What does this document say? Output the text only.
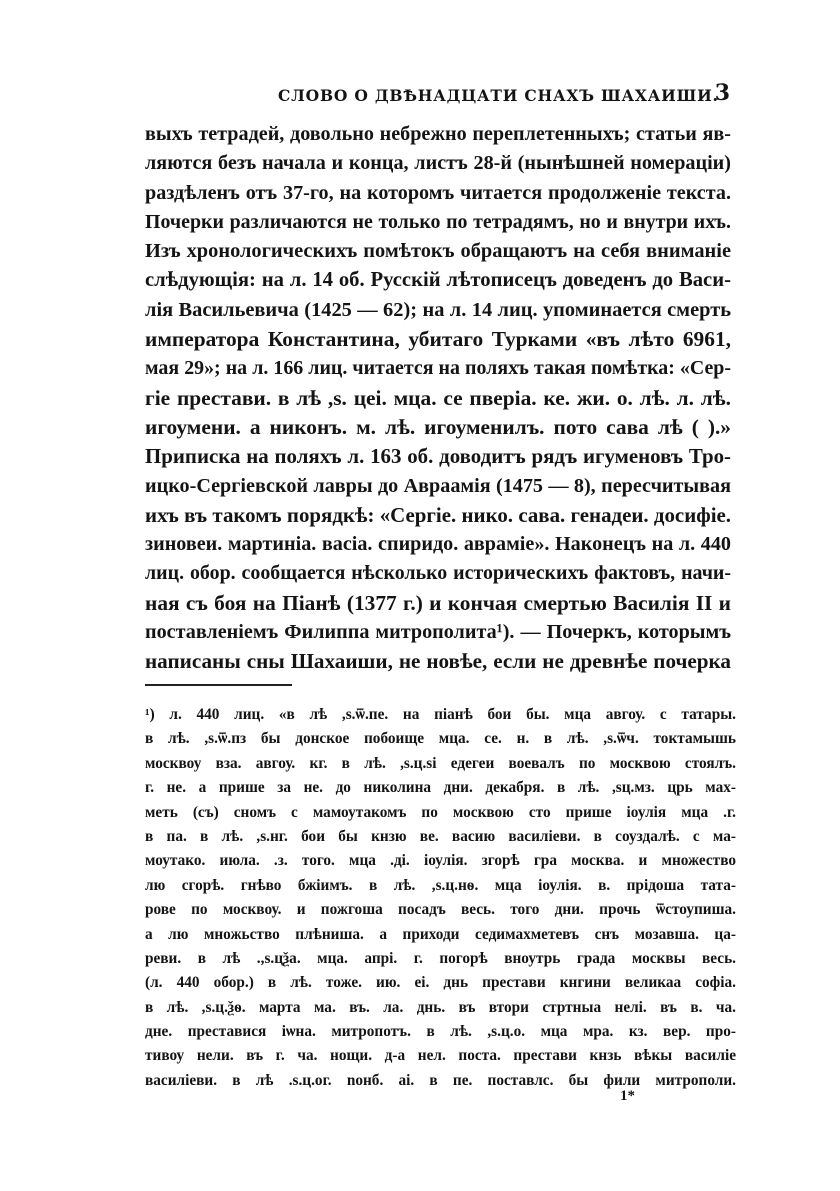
СЛОВО О ДВѢНАДЦАТИ СНАХЪ ШАХАИШИ.
3
выхъ тетрадей, довольно небрежно переплетенныхъ; статьи яв-
ляются безъ начала и конца, листъ 28-й (нынѣшней номераціи)
раздѣленъ отъ 37-го, на которомъ читается продолженіе текста.
Почерки различаются не только по тетрадямъ, но и внутри ихъ.
Изъ хронологическихъ помѣтокъ обращаютъ на себя вниманіе
слѣдующія: на л. 14 об. Русскій лѣтописецъ доведенъ до Васи-
лія Васильевича (1425 — 62); на л. 14 лиц. упоминается смерть
императора Константина, убитаго Турками «въ лѣто 6961,
мая 29»; на л. 166 лиц. читается на поляхъ такая помѣтка: «Сер-
гіе престави. в лѣ ,ѕ. цеі. мца. се пвеpia. ке. жи. о. лѣ. л. лѣ.
игоумени. а никонъ. м. лѣ. игоуменилъ. пото сава лѣ ( ).»
Приписка на поляхъ л. 163 об. доводитъ рядъ игуменовъ Тро-
ицко-Сергіевской лавры до Авраамія (1475 — 8), пересчитывая
ихъ въ такомъ порядкѣ: «Сергіе. нико. сава. генадеи. досифіе.
зиновеи. мартиніа. васіа. спиридо. аврамie». Наконецъ на л. 440
лиц. обор. сообщается нѣсколько историческихъ фактовъ, начи-
ная съ боя на Піанѣ (1377 г.) и кончая смертью Василія II и
поставленіемъ Филиппа митрополита¹). — Почеркъ, которымъ
написаны сны Шахаиши, не новѣе, если не древнѣе почерка
¹) л. 440 лиц. «в лѣ ,ѕ.ѿ.пе. на піанѣ бои бы. мца авгоу. с татары.
в лѣ. ,ѕ.ѿ.пз бы донское побоище мца. се. н. в лѣ. ,ѕ.ѿч. токтамышь
москвоу вза. авгоу. кг. в лѣ. ,ѕ.ц.ѕі едегеи воевалъ по москвою стоялъ.
г. не. а прише за не. до николина дни. декабря. в лѣ. ,ѕц.мз. црь мах-
меть (съ) сномъ с мамоутакомъ по москвою сто прише іоулія мца .г.
в па. в лѣ. ,ѕ.нг. бои бы кнзю ве. васию василіеви. в соуздалѣ. с ма-
моутако. июла. .з. того. мца .ді. іоулія. згорѣ гра москва. и множество
лю сгорѣ. гнѣво бжіимъ. в лѣ. ,ѕ.ц.нѳ. мца іоулія. в. прідоша тата-
рове по москвоу. и пожгоша посадъ весь. того дни. прочь ѿстоупиша.
а лю множьство плѣниша. а приходи седимахметевъ снъ мозавша. ца-
реви. в лѣ .,ѕ.цѯа. мца. апрі. г. погорѣ вноутрь града москвы весь.
(л. 440 обор.) в лѣ. тоже. ию. еі. днь престави кнгини великаа софіа.
в лѣ. ,ѕ.ц.ѯѳ. марта ма. въ. ла. днь. въ втори стртныа нелі. въ в. ча.
дне. преставися іѡна. митропотъ. в лѣ. ,ѕ.ц.о. мца мра. кз. веp. про-
тивоу нели. въ г. ча. нощи. д-а нел. поста. престави кнзь вѣкы василіе
василіеви. в лѣ .ѕ.ц.ог. noнб. аі. в пе. поставлс. бы фили митрополи.
1*
